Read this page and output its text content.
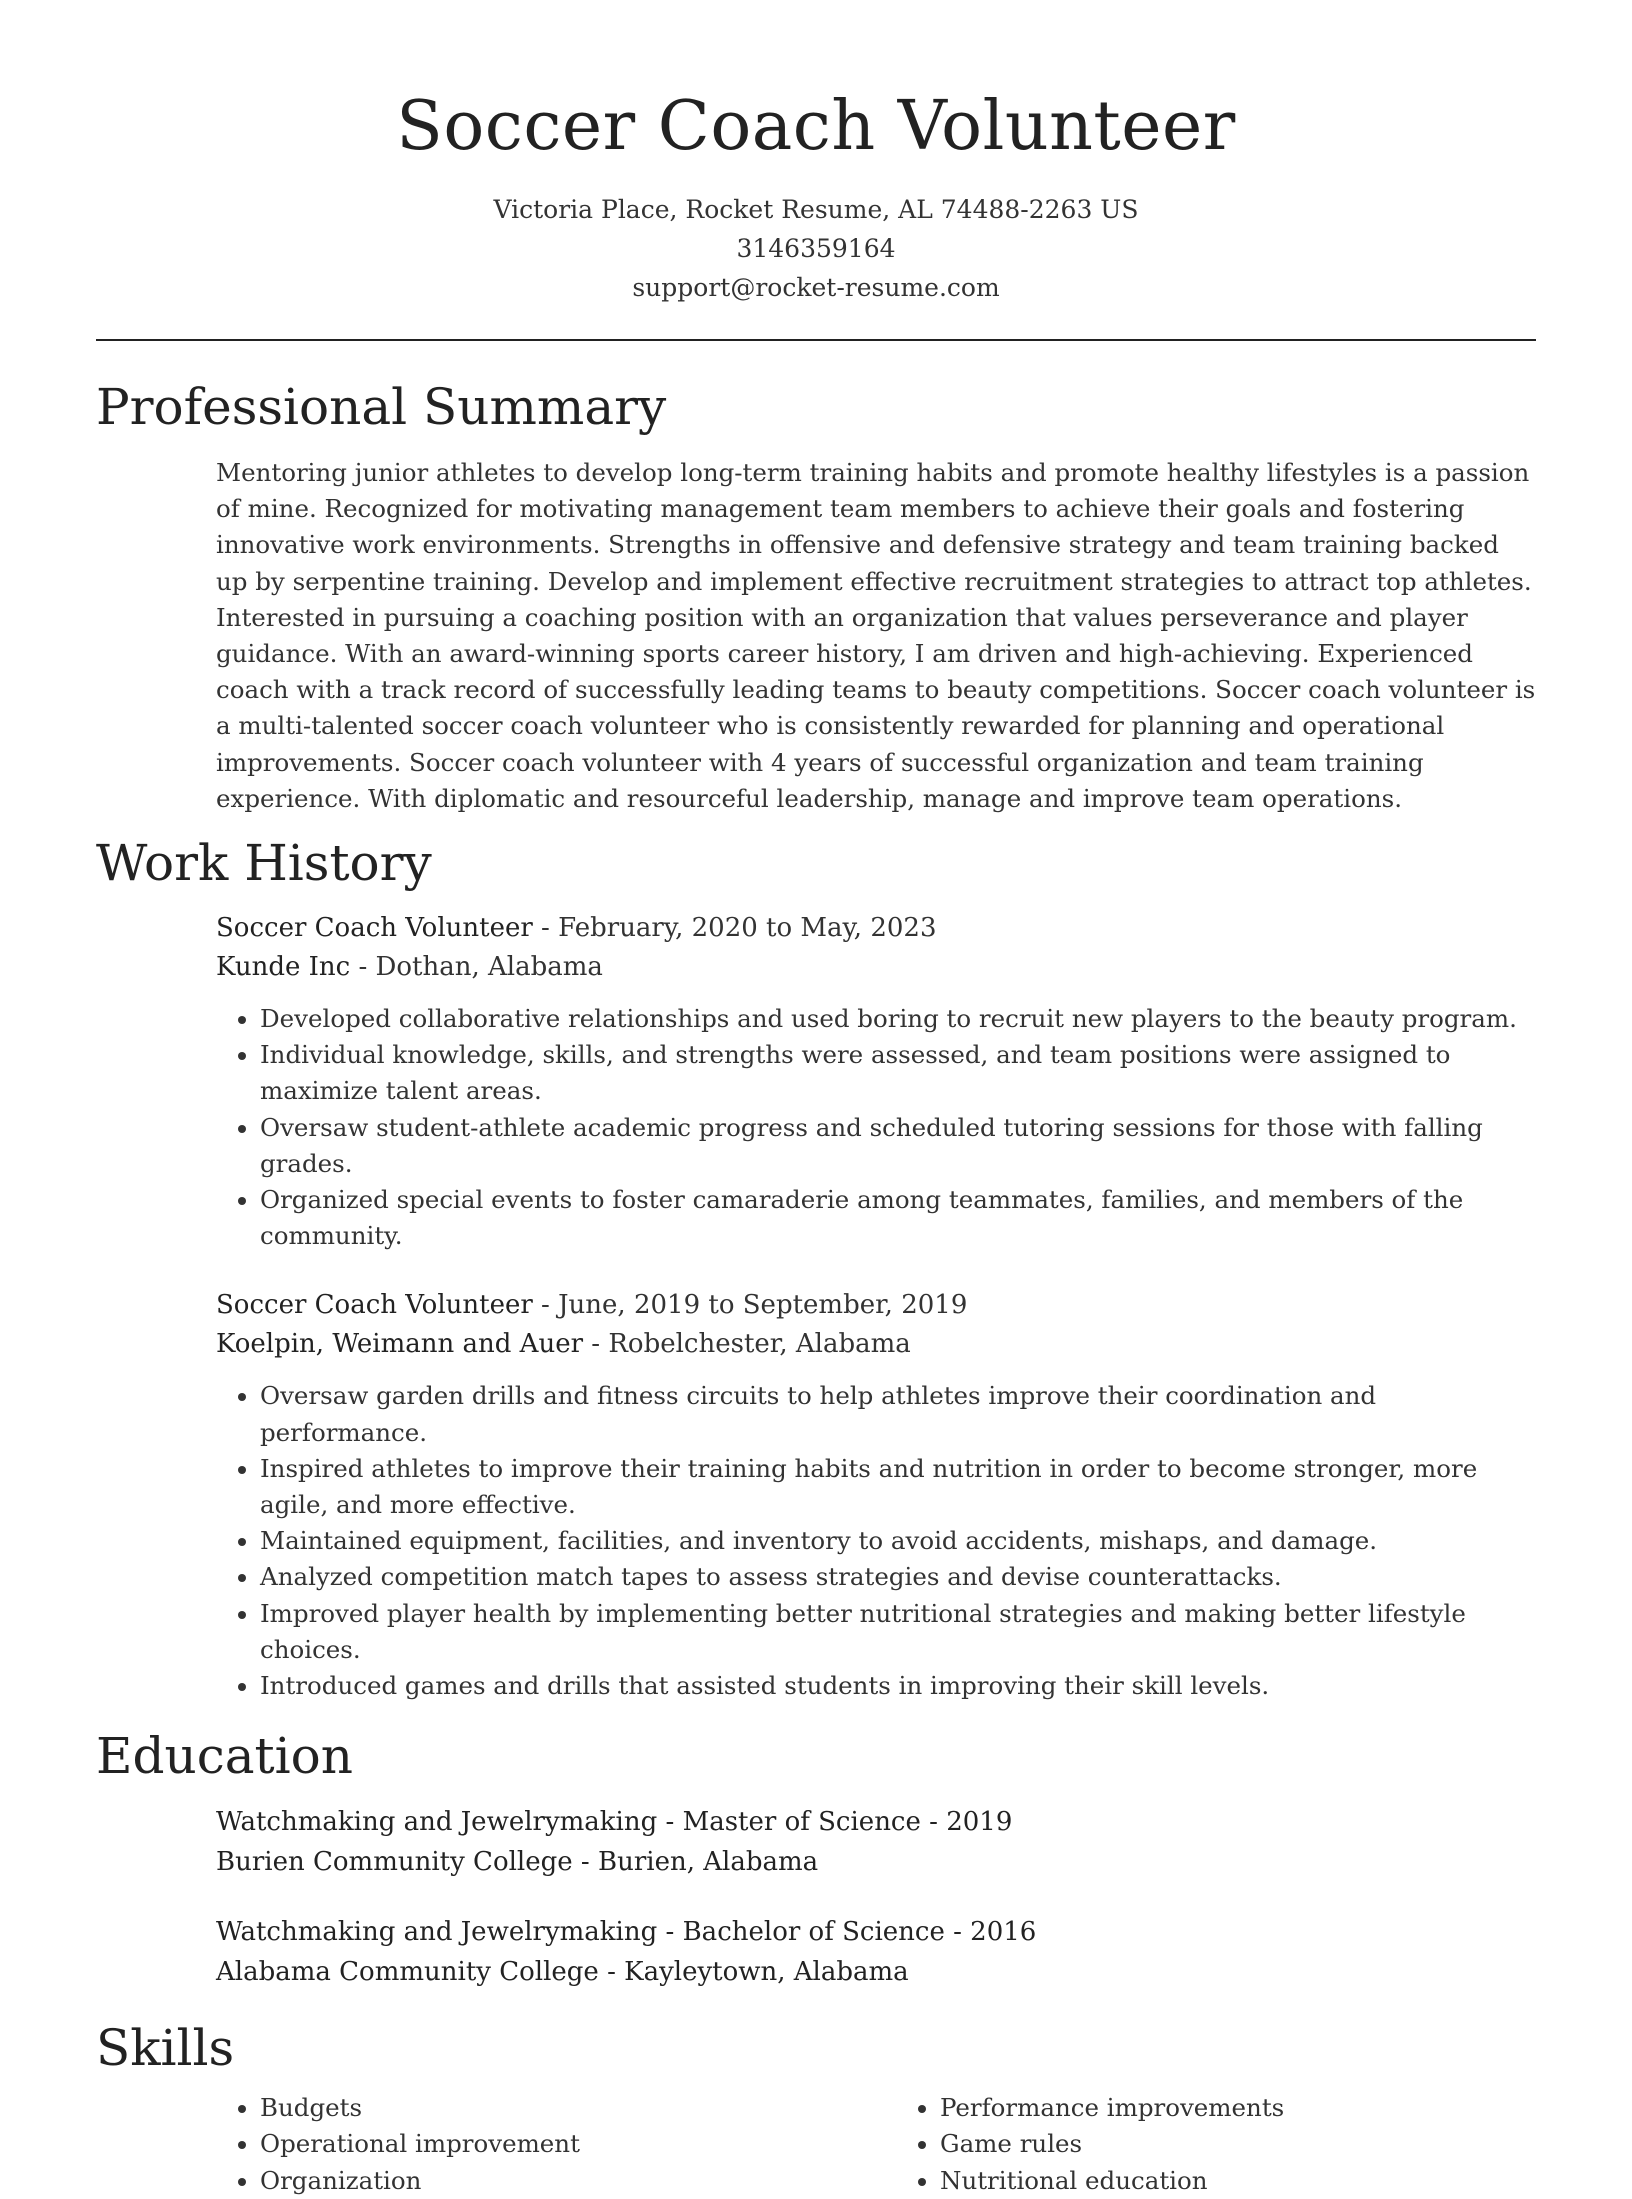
Soccer Coach Volunteer
Victoria Place, Rocket Resume, AL 74488-2263 US
3146359164
support@rocket-resume.com
Professional Summary

Mentoring junior athletes to develop long-term training habits and promote healthy lifestyles is a passion of mine. Recognized for motivating management team members to achieve their goals and fostering innovative work environments. Strengths in offensive and defensive strategy and team training backed up by serpentine training. Develop and implement effective recruitment strategies to attract top athletes. Interested in pursuing a coaching position with an organization that values perseverance and player guidance. With an award-winning sports career history, I am driven and high-achieving. Experienced coach with a track record of successfully leading teams to beauty competitions. Soccer coach volunteer is a multi-talented soccer coach volunteer who is consistently rewarded for planning and operational improvements. Soccer coach volunteer with 4 years of successful organization and team training experience. With diplomatic and resourceful leadership, manage and improve team operations.

Work History
Soccer Coach Volunteer - February, 2020 to May, 2023
Kunde Inc - Dothan, Alabama
• Developed collaborative relationships and used boring to recruit new players to the beauty program.
• Individual knowledge, skills, and strengths were assessed, and team positions were assigned to maximize talent areas.
• Oversaw student-athlete academic progress and scheduled tutoring sessions for those with falling grades.
• Organized special events to foster camaraderie among teammates, families, and members of the community.
Soccer Coach Volunteer - June, 2019 to September, 2019
Koelpin, Weimann and Auer - Robelchester, Alabama
• Oversaw garden drills and fitness circuits to help athletes improve their coordination and performance.
• Inspired athletes to improve their training habits and nutrition in order to become stronger, more agile, and more effective.
• Maintained equipment, facilities, and inventory to avoid accidents, mishaps, and damage.
• Analyzed competition match tapes to assess strategies and devise counterattacks.
• Improved player health by implementing better nutritional strategies and making better lifestyle choices.
• Introduced games and drills that assisted students in improving their skill levels.
Education
Watchmaking and Jewelrymaking - Master of Science - 2019
Burien Community College - Burien, Alabama
Watchmaking and Jewelrymaking - Bachelor of Science - 2016
Alabama Community College - Kayleytown, Alabama
Skills
• Budgets
• Operational improvement
• Organization
• Performance improvements
• Game rules
• Nutritional education
